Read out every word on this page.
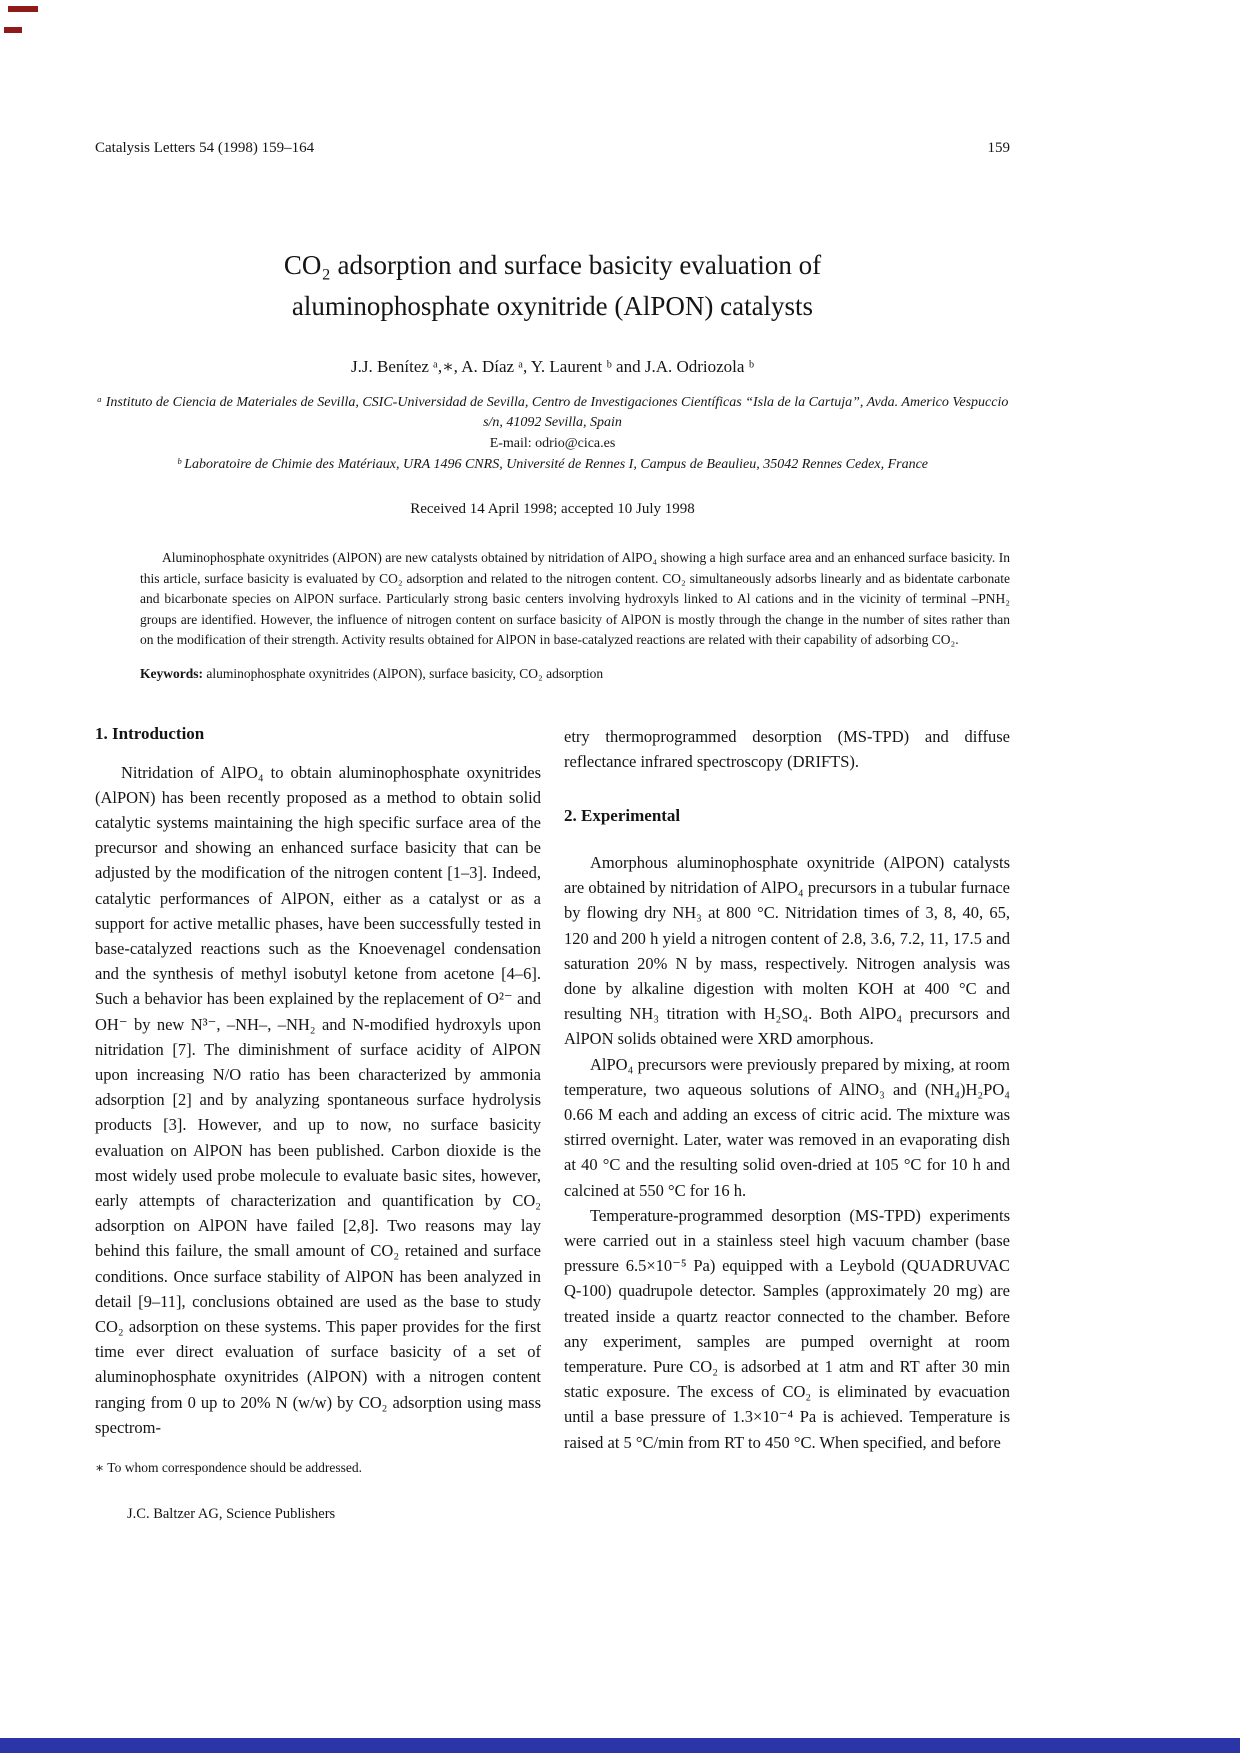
Catalysis Letters 54 (1998) 159–164	159
CO₂ adsorption and surface basicity evaluation of aluminophosphate oxynitride (AlPON) catalysts
J.J. Benítez ᵃ,∗, A. Díaz ᵃ, Y. Laurent ᵇ and J.A. Odriozola ᵇ
ᵃ Instituto de Ciencia de Materiales de Sevilla, CSIC-Universidad de Sevilla, Centro de Investigaciones Científicas “Isla de la Cartuja”, Avda. Americo Vespuccio s/n, 41092 Sevilla, Spain
E-mail: odrio@cica.es
ᵇ Laboratoire de Chimie des Matériaux, URA 1496 CNRS, Université de Rennes I, Campus de Beaulieu, 35042 Rennes Cedex, France
Received 14 April 1998; accepted 10 July 1998
Aluminophosphate oxynitrides (AlPON) are new catalysts obtained by nitridation of AlPO₄ showing a high surface area and an enhanced surface basicity. In this article, surface basicity is evaluated by CO₂ adsorption and related to the nitrogen content. CO₂ simultaneously adsorbs linearly and as bidentate carbonate and bicarbonate species on AlPON surface. Particularly strong basic centers involving hydroxyls linked to Al cations and in the vicinity of terminal –PNH₂ groups are identified. However, the influence of nitrogen content on surface basicity of AlPON is mostly through the change in the number of sites rather than on the modification of their strength. Activity results obtained for AlPON in base-catalyzed reactions are related with their capability of adsorbing CO₂.
Keywords: aluminophosphate oxynitrides (AlPON), surface basicity, CO₂ adsorption
1. Introduction

Nitridation of AlPO₄ to obtain aluminophosphate oxynitrides (AlPON) has been recently proposed as a method to obtain solid catalytic systems maintaining the high specific surface area of the precursor and showing an enhanced surface basicity that can be adjusted by the modification of the nitrogen content [1–3]. Indeed, catalytic performances of AlPON, either as a catalyst or as a support for active metallic phases, have been successfully tested in base-catalyzed reactions such as the Knoevenagel condensation and the synthesis of methyl isobutyl ketone from acetone [4–6]. Such a behavior has been explained by the replacement of O²⁻ and OH⁻ by new N³⁻, –NH–, –NH₂ and N-modified hydroxyls upon nitridation [7]. The diminishment of surface acidity of AlPON upon increasing N/O ratio has been characterized by ammonia adsorption [2] and by analyzing spontaneous surface hydrolysis products [3]. However, and up to now, no surface basicity evaluation on AlPON has been published. Carbon dioxide is the most widely used probe molecule to evaluate basic sites, however, early attempts of characterization and quantification by CO₂ adsorption on AlPON have failed [2,8]. Two reasons may lay behind this failure, the small amount of CO₂ retained and surface conditions. Once surface stability of AlPON has been analyzed in detail [9–11], conclusions obtained are used as the base to study CO₂ adsorption on these systems. This paper provides for the first time ever direct evaluation of surface basicity of a set of aluminophosphate oxynitrides (AlPON) with a nitrogen content ranging from 0 up to 20% N (w/w) by CO₂ adsorption using mass spectrom-

∗ To whom correspondence should be addressed.

etry thermoprogrammed desorption (MS-TPD) and diffuse reflectance infrared spectroscopy (DRIFTS).

2. Experimental

Amorphous aluminophosphate oxynitride (AlPON) catalysts are obtained by nitridation of AlPO₄ precursors in a tubular furnace by flowing dry NH₃ at 800 °C. Nitridation times of 3, 8, 40, 65, 120 and 200 h yield a nitrogen content of 2.8, 3.6, 7.2, 11, 17.5 and saturation 20% N by mass, respectively. Nitrogen analysis was done by alkaline digestion with molten KOH at 400 °C and resulting NH₃ titration with H₂SO₄. Both AlPO₄ precursors and AlPON solids obtained were XRD amorphous.

AlPO₄ precursors were previously prepared by mixing, at room temperature, two aqueous solutions of AlNO₃ and (NH₄)H₂PO₄ 0.66 M each and adding an excess of citric acid. The mixture was stirred overnight. Later, water was removed in an evaporating dish at 40 °C and the resulting solid oven-dried at 105 °C for 10 h and calcined at 550 °C for 16 h.

Temperature-programmed desorption (MS-TPD) experiments were carried out in a stainless steel high vacuum chamber (base pressure 6.5×10⁻⁵ Pa) equipped with a Leybold (QUADRUVAC Q-100) quadrupole detector. Samples (approximately 20 mg) are treated inside a quartz reactor connected to the chamber. Before any experiment, samples are pumped overnight at room temperature. Pure CO₂ is adsorbed at 1 atm and RT after 30 min static exposure. The excess of CO₂ is eliminated by evacuation until a base pressure of 1.3×10⁻⁴ Pa is achieved. Temperature is raised at 5 °C/min from RT to 450 °C. When specified, and before

J.C. Baltzer AG, Science Publishers
